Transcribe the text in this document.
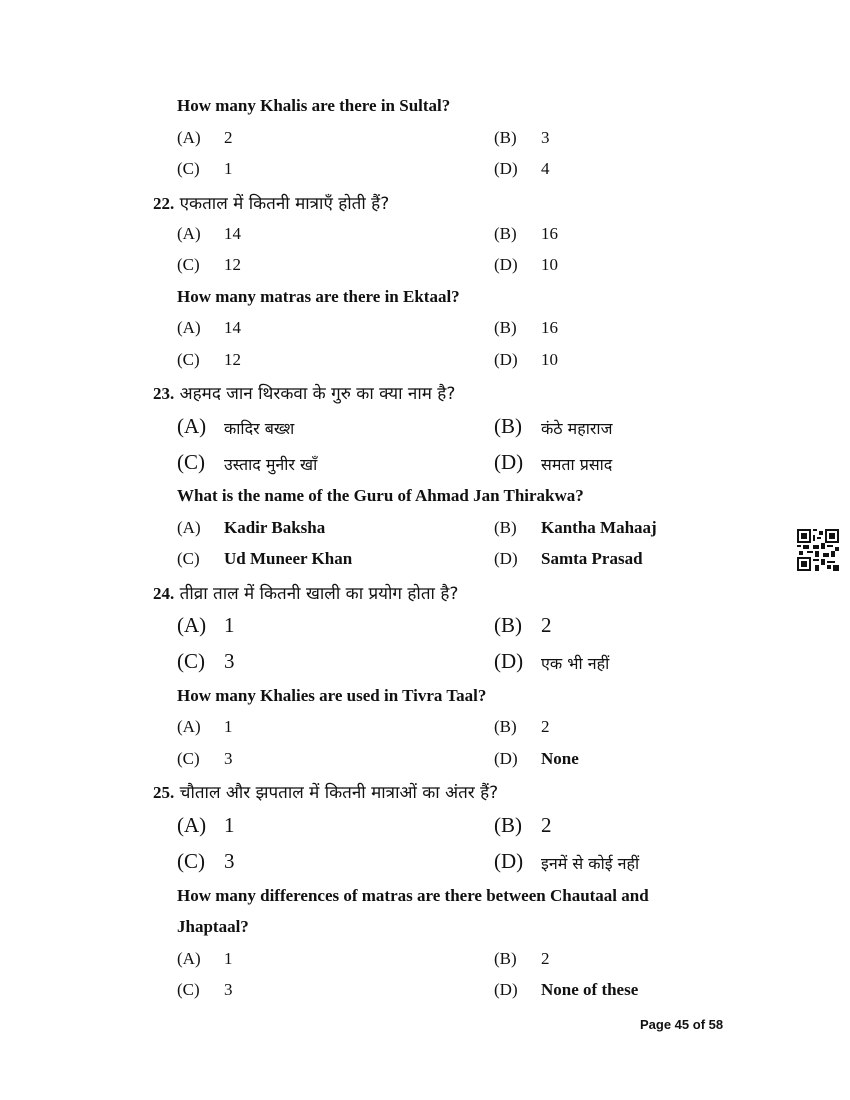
How many Khalis are there in Sultal?
(A) 2	(B) 3
(C) 1	(D) 4
22. एकताल में कितनी मात्राएँ होती हैं?
(A) 14	(B) 16
(C) 12	(D) 10
How many matras are there in Ektaal?
(A) 14	(B) 16
(C) 12	(D) 10
23. अहमद जान थिरकवा के गुरु का क्या नाम है?
(A) कादिर बख्श	(B) कंठे महाराज
(C) उस्ताद मुनीर खाँ	(D) समता प्रसाद
What is the name of the Guru of Ahmad Jan Thirakwa?
(A) Kadir Baksha	(B) Kantha Mahaaj
(C) Ud Muneer Khan	(D) Samta Prasad
24. तीव्रा ताल में कितनी खाली का प्रयोग होता है?
(A) 1	(B) 2
(C) 3	(D) एक भी नहीं
How many Khalies are used in Tivra Taal?
(A) 1	(B) 2
(C) 3	(D) None
25. चौताल और झपताल में कितनी मात्राओं का अंतर हैं?
(A) 1	(B) 2
(C) 3	(D) इनमें से कोई नहीं
How many differences of matras are there between Chautaal and
Jhaptaal?
(A) 1	(B) 2
(C) 3	(D) None of these
Page 45 of 58
